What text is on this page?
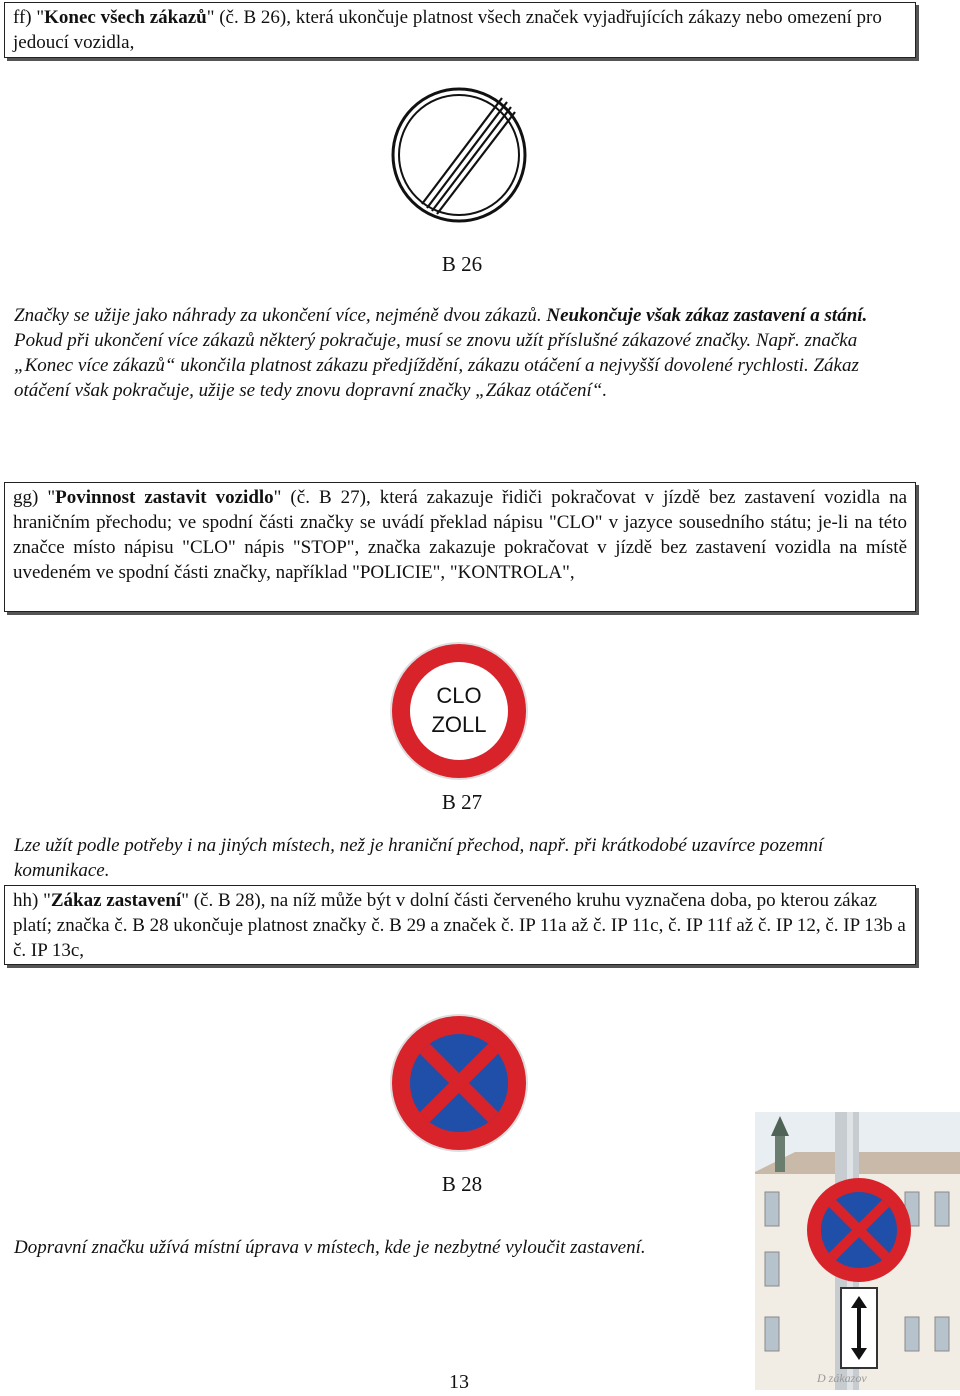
ff) "Konec všech zákazů" (č. B 26), která ukončuje platnost všech značek vyjadřujících zákazy nebo omezení pro jedoucí vozidla,
B 26
Značky se užije jako náhrady za ukončení více, nejméně dvou zákazů. Neukončuje však zákaz zastavení a stání. Pokud při ukončení více zákazů některý pokračuje, musí se znovu užít příslušné zákazové značky. Např. značka „Konec více zákazů“ ukončila platnost zákazu předjíždění, zákazu otáčení a nejvyšší dovolené rychlosti. Zákaz otáčení však pokračuje, užije se tedy znovu dopravní značky „Zákaz otáčení“.
gg) "Povinnost zastavit vozidlo" (č. B 27), která zakazuje řidiči pokračovat v jízdě bez zastavení vozidla na hraničním přechodu; ve spodní části značky se uvádí překlad nápisu "CLO" v jazyce sousedního státu; je-li na této značce místo nápisu "CLO" nápis "STOP", značka zakazuje pokračovat v jízdě bez zastavení vozidla na místě uvedeném ve spodní části značky, například "POLICIE", "KONTROLA",
CLO
ZOLL
B 27
Lze užít podle potřeby i na jiných místech, než je hraniční přechod, např. při krátkodobé uzavírce pozemní komunikace.
hh) "Zákaz zastavení" (č. B 28), na níž může být v dolní části červeného kruhu vyznačena doba, po kterou zákaz platí; značka č. B 28 ukončuje platnost značky č. B 29 a značek č. IP 11a až č. IP 11c, č. IP 11f až č. IP 12, č. IP 13b a č. IP 13c,
B 28
Dopravní značku užívá místní úprava v místech, kde je nezbytné vyloučit zastavení.
D zákazov
13
